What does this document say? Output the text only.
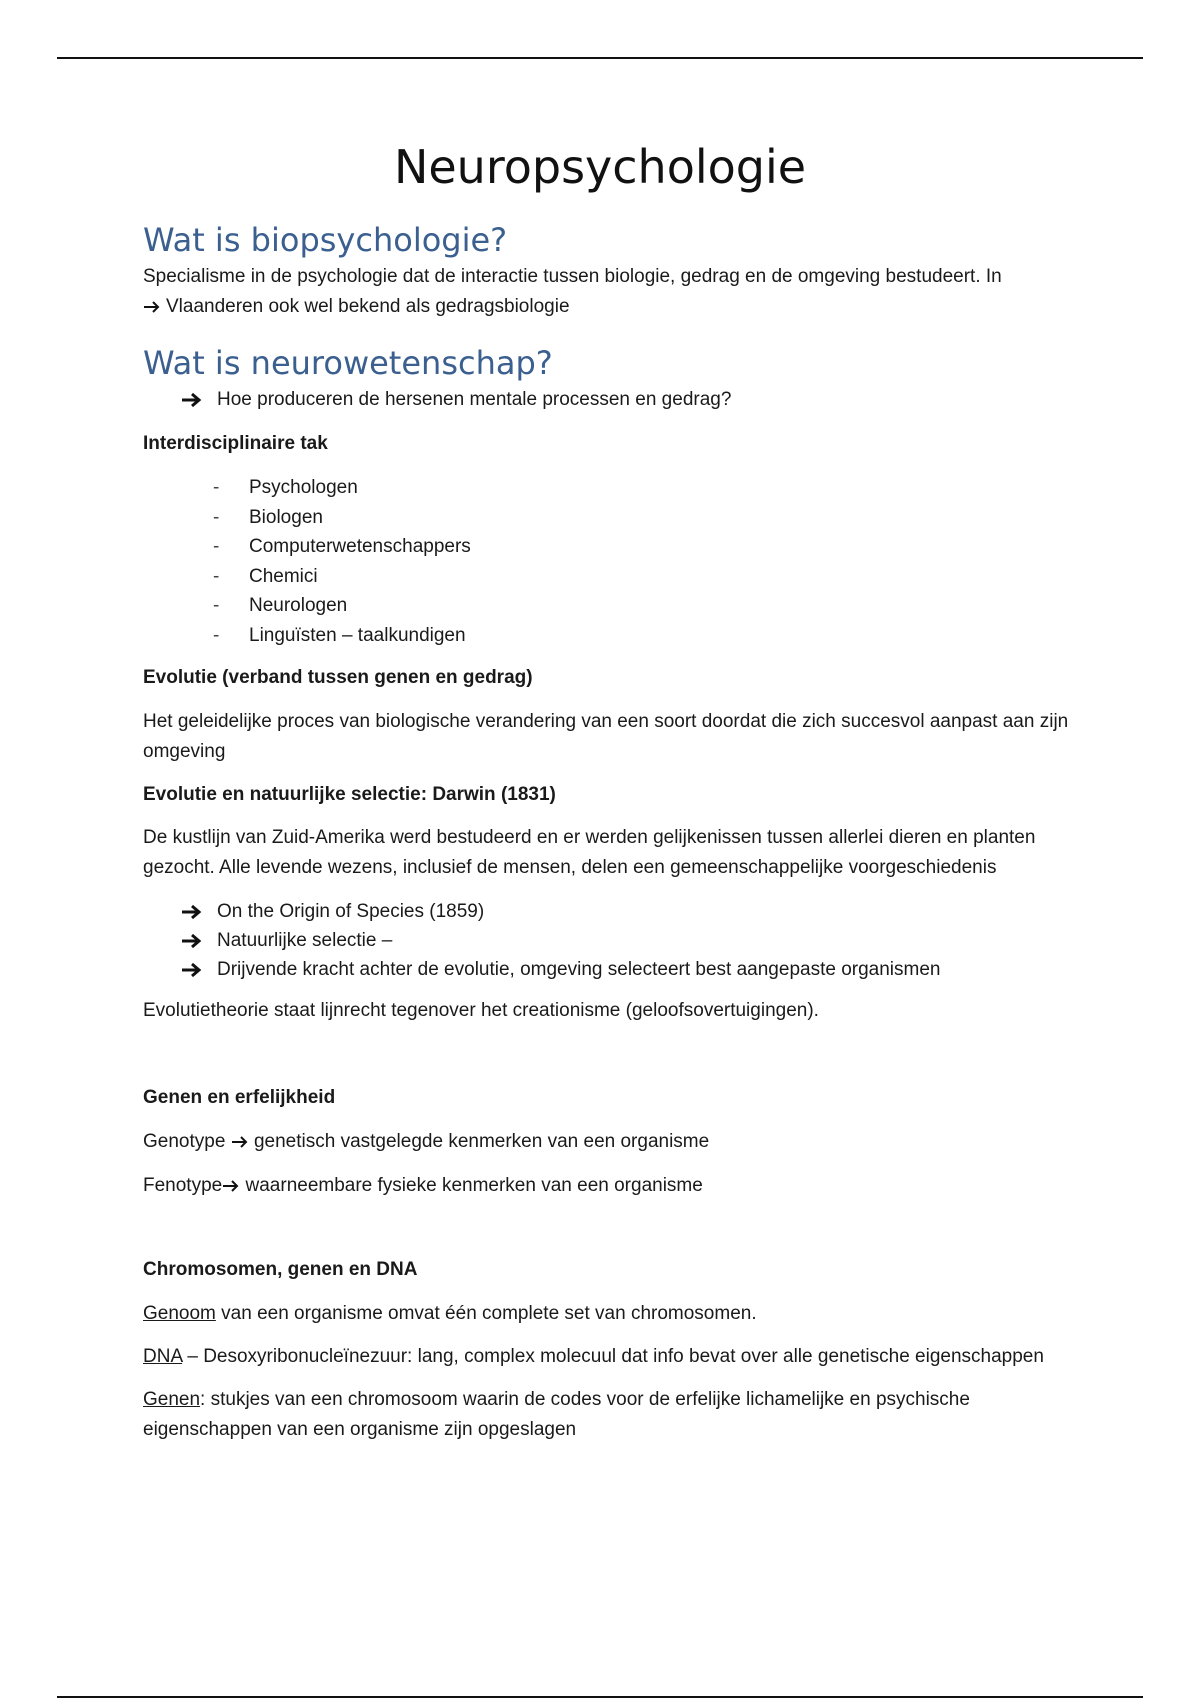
Neuropsychologie
Wat is biopsychologie?

Specialisme in de psychologie dat de interactie tussen biologie, gedrag en de omgeving bestudeert. In

Vlaanderen ook wel bekend als gedragsbiologie
Wat is neurowetenschap?
Hoe produceren de hersenen mentale processen en gedrag?

Interdisciplinaire tak

-	Psychologen
-	Biologen
-	Computerwetenschappers
-	Chemici
-	Neurologen
-	Linguïsten – taalkundigen

Evolutie (verband tussen genen en gedrag)

Het geleidelijke proces van biologische verandering van een soort doordat die zich succesvol aanpast aan zijn omgeving

Evolutie en natuurlijke selectie: Darwin (1831)

De kustlijn van Zuid-Amerika werd bestudeerd en er werden gelijkenissen tussen allerlei dieren en planten gezocht. Alle levende wezens, inclusief de mensen, delen een gemeenschappelijke voorgeschiedenis

On the Origin of Species (1859)
Natuurlijke selectie –
Drijvende kracht achter de evolutie, omgeving selecteert best aangepaste organismen

Evolutietheorie staat lijnrecht tegenover het creationisme (geloofsovertuigingen).

Genen en erfelijkheid

Genotype genetisch vastgelegde kenmerken van een organisme

Fenotype waarneembare fysieke kenmerken van een organisme

Chromosomen, genen en DNA

Genoom van een organisme omvat één complete set van chromosomen.

DNA – Desoxyribonucleïnezuur: lang, complex molecuul dat info bevat over alle genetische eigenschappen

Genen: stukjes van een chromosoom waarin de codes voor de erfelijke lichamelijke en psychische eigenschappen van een organisme zijn opgeslagen
